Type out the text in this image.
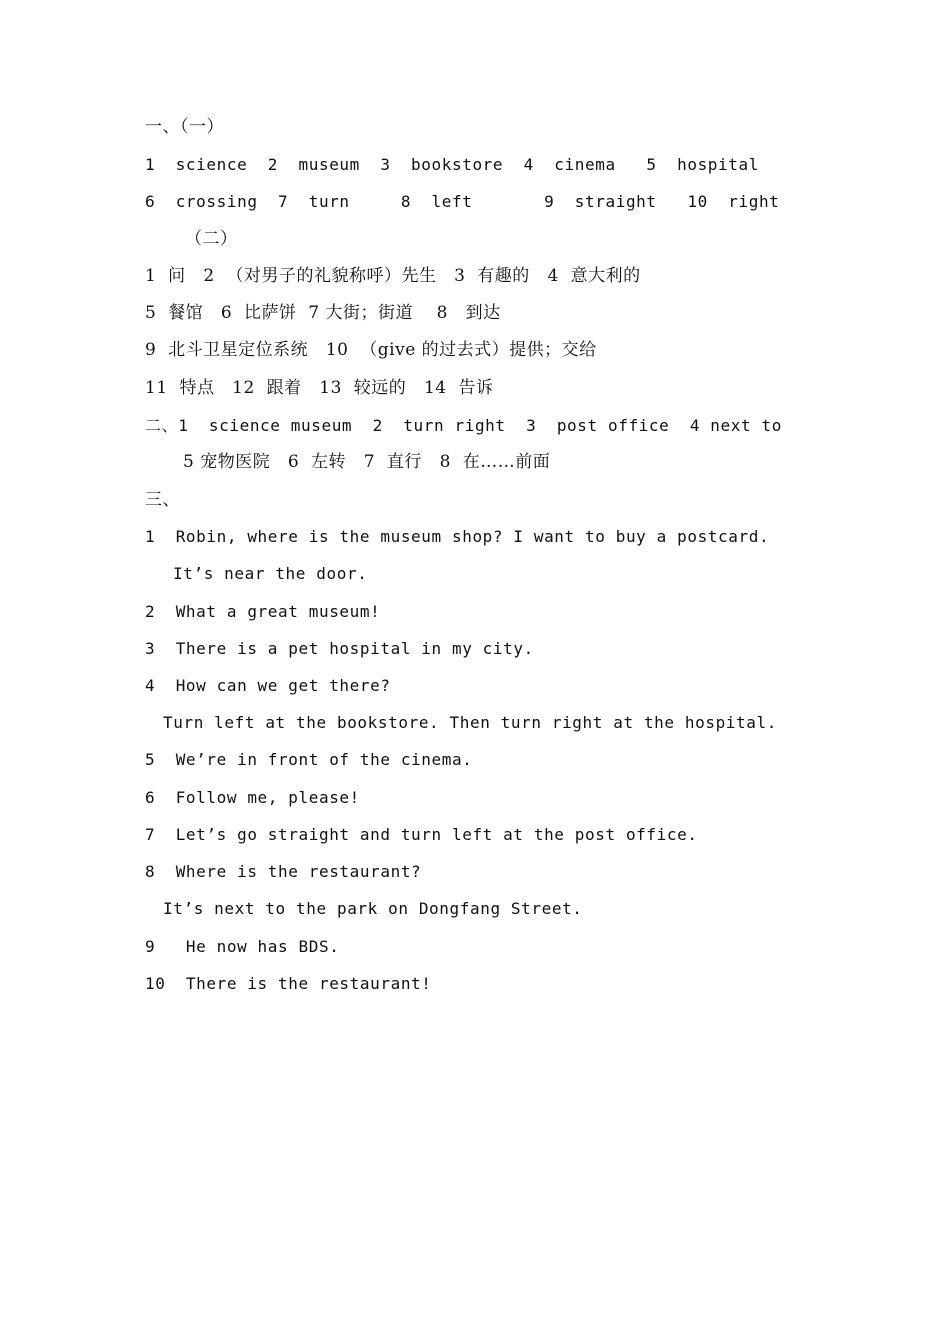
一、（一）
1  science  2  museum  3  bookstore  4  cinema   5  hospital
6  crossing  7  turn     8  left       9  straight   10  right
（二）
1  问   2  （对男子的礼貌称呼）先生   3  有趣的   4  意大利的
5  餐馆   6  比萨饼  7 大街；街道    8   到达
9  北斗卫星定位系统   10  （give 的过去式）提供；交给
11  特点   12  跟着   13  较远的   14  告诉
二、1  science museum  2  turn right  3  post office  4 next to
5 宠物医院   6  左转   7  直行   8  在……前面
三、
1  Robin, where is the museum shop? I want to buy a postcard.
It’s near the door.
2  What a great museum!
3  There is a pet hospital in my city.
4  How can we get there?
Turn left at the bookstore. Then turn right at the hospital.
5  We’re in front of the cinema.
6  Follow me, please!
7  Let’s go straight and turn left at the post office.
8  Where is the restaurant?
It’s next to the park on Dongfang Street.
9   He now has BDS.
10  There is the restaurant!
